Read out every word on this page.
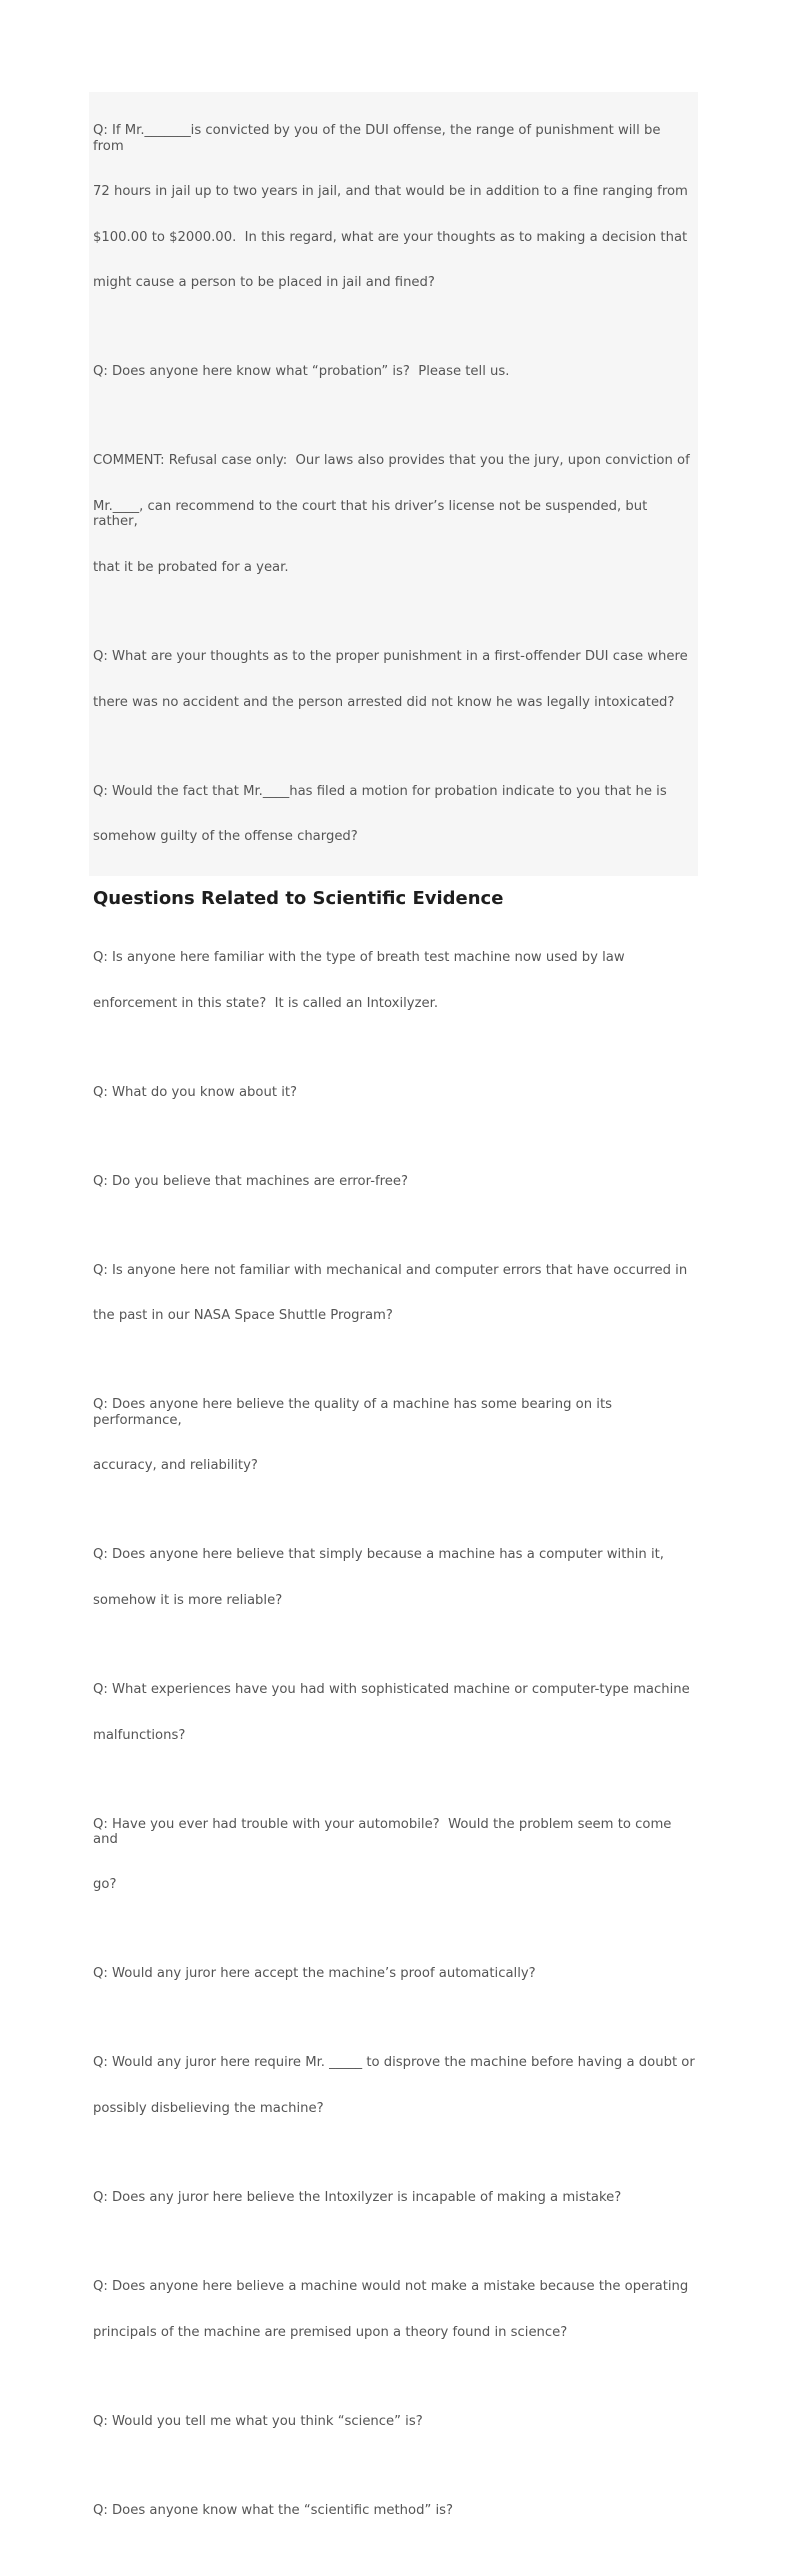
Q: If Mr._______is convicted by you of the DUI offense, the range of punishment will be from

72 hours in jail up to two years in jail, and that would be in addition to a fine ranging from

$100.00 to $2000.00.  In this regard, what are your thoughts as to making a decision that

might cause a person to be placed in jail and fined?

Q: Does anyone here know what “probation” is?  Please tell us.

COMMENT: Refusal case only:  Our laws also provides that you the jury, upon conviction of

Mr.____, can recommend to the court that his driver’s license not be suspended, but rather,

that it be probated for a year.

Q: What are your thoughts as to the proper punishment in a first-offender DUI case where

there was no accident and the person arrested did not know he was legally intoxicated?

Q: Would the fact that Mr.____has filed a motion for probation indicate to you that he is

somehow guilty of the offense charged?

Questions Related to Scientific Evidence

Q: Is anyone here familiar with the type of breath test machine now used by law

enforcement in this state?  It is called an Intoxilyzer.

Q: What do you know about it?

Q: Do you believe that machines are error-free?

Q: Is anyone here not familiar with mechanical and computer errors that have occurred in

the past in our NASA Space Shuttle Program?

Q: Does anyone here believe the quality of a machine has some bearing on its performance,

accuracy, and reliability?

Q: Does anyone here believe that simply because a machine has a computer within it,

somehow it is more reliable?

Q: What experiences have you had with sophisticated machine or computer-type machine

malfunctions?

Q: Have you ever had trouble with your automobile?  Would the problem seem to come and

go?

Q: Would any juror here accept the machine’s proof automatically?

Q: Would any juror here require Mr. _____ to disprove the machine before having a doubt or

possibly disbelieving the machine?

Q: Does any juror here believe the Intoxilyzer is incapable of making a mistake?

Q: Does anyone here believe a machine would not make a mistake because the operating

principals of the machine are premised upon a theory found in science?

Q: Would you tell me what you think “science” is?

Q: Does anyone know what the “scientific method” is?
